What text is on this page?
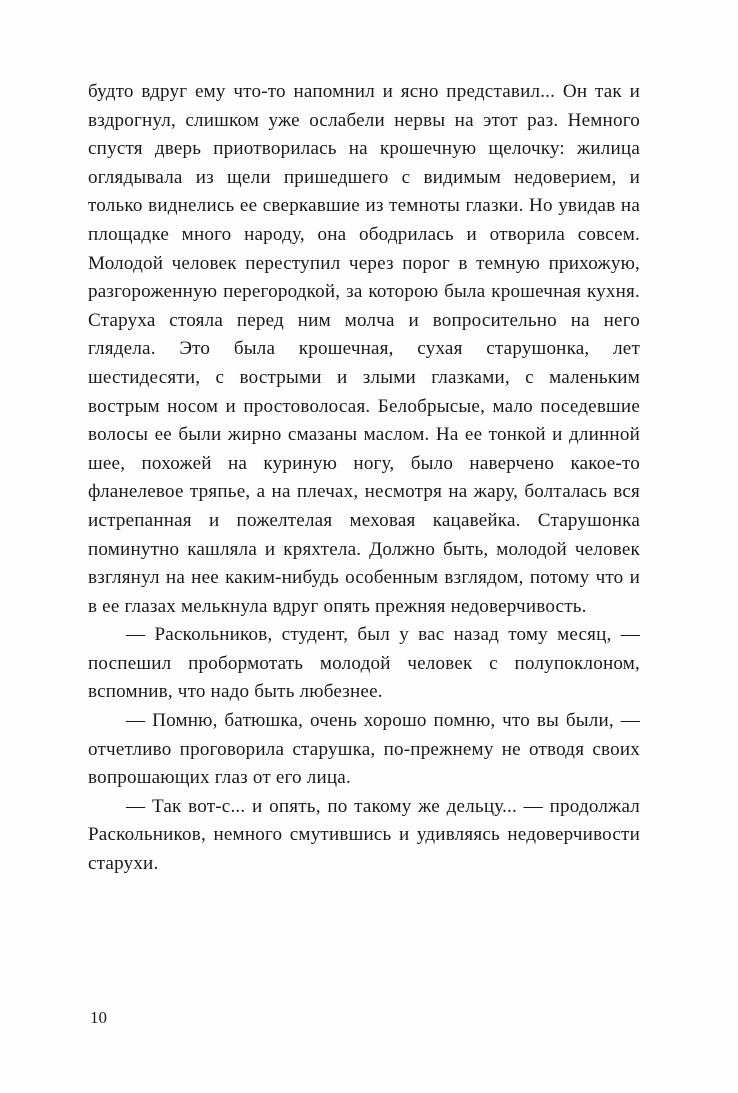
будто вдруг ему что-то напомнил и ясно представил... Он так и вздрогнул, слишком уже ослабели нервы на этот раз. Немного спустя дверь приотворилась на крошечную щелочку: жилица оглядывала из щели пришедшего с видимым недоверием, и только виднелись ее сверкавшие из темноты глазки. Но увидав на площадке много народу, она ободрилась и отворила совсем. Молодой человек переступил через порог в темную прихожую, разгороженную перегородкой, за которою была крошечная кухня. Старуха стояла перед ним молча и вопросительно на него глядела. Это была крошечная, сухая старушонка, лет шестидесяти, с вострыми и злыми глазками, с маленьким вострым носом и простоволосая. Белобрысые, мало поседевшие волосы ее были жирно смазаны маслом. На ее тонкой и длинной шее, похожей на куриную ногу, было наверчено какое-то фланелевое тряпье, а на плечах, несмотря на жару, болталась вся истрепанная и пожелтелая меховая кацавейка. Старушонка поминутно кашляла и кряхтела. Должно быть, молодой человек взглянул на нее каким-нибудь особенным взглядом, потому что и в ее глазах мелькнула вдруг опять прежняя недоверчивость.

— Раскольников, студент, был у вас назад тому месяц, — поспешил пробормотать молодой человек с полупоклоном, вспомнив, что надо быть любезнее.

— Помню, батюшка, очень хорошо помню, что вы были, — отчетливо проговорила старушка, по-прежнему не отводя своих вопрошающих глаз от его лица.

— Так вот-с... и опять, по такому же дельцу... — продолжал Раскольников, немного смутившись и удивляясь недоверчивости старухи.

10
